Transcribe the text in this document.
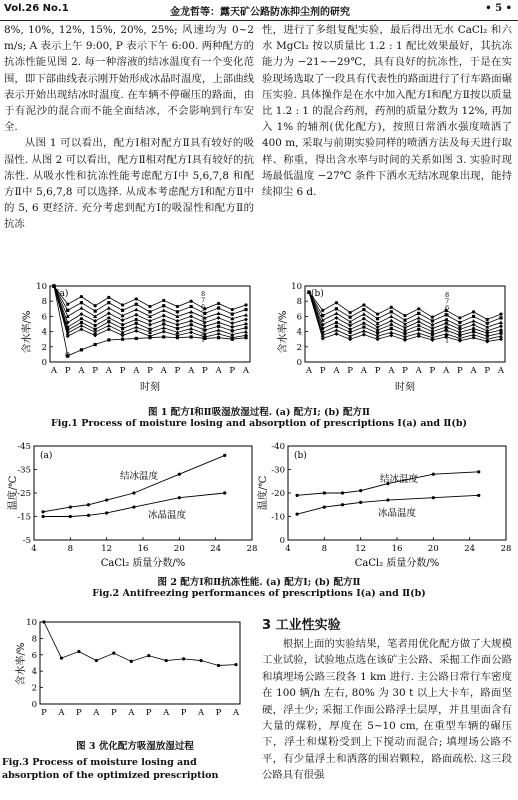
Vol.26 No.1	金龙哲等：露天矿公路防冻抑尘剂的研究	• 5 •

8%, 10%, 12%, 15%, 20%, 25%; 风速均为 0~2 m/s; A 表示上午 9:00, P 表示下午 6:00. 两种配方的抗冻性能见图 2. 每一种溶液的结冰温度有一个变化范围，即下部曲线表示刚开始形成冰晶时温度，上部曲线表示开始出现结冰时温度. 在车辆不停碾压的路面，由于有泥沙的混合而不能全面结冰，不会影响到行车安全.

从图 1 可以看出，配方Ⅰ相对配方Ⅱ具有较好的吸湿性. 从图 2 可以看出，配方Ⅱ相对配方Ⅰ具有较好的抗冻性. 从吸水性和抗冻性能考虑配方Ⅰ中 5,6,7,8 和配方Ⅱ中 5,6,7,8 可以选择. 从成本考虑配方Ⅰ和配方Ⅱ中的 5, 6 更经济. 充分考虑到配方Ⅰ的吸湿性和配方Ⅱ的抗冻

性，进行了多组复配实验，最后得出无水 CaCl₂ 和六水 MgCl₂ 按以质量比 1.2 : 1 配比效果最好，其抗冻能力为 −21~−29℃，具有良好的抗冻性，于是在实验现场选取了一段具有代表性的路面进行了行车路面碾压实验. 具体操作是在水中加入配方Ⅰ和配方Ⅱ按以质量比 1.2 : 1 的混合药剂，药剂的质量分数为 12%, 再加入 1% 的辅剂(优化配方)，按照日常洒水强度喷洒了 400 m, 采取与前期实验同样的喷洒方法及每天进行取样、称重，得出含水率与时间的关系如图 3. 实验时现场最低温度 −27℃ 条件下洒水无结冰现象出现，能持续抑尘 6 d.

含水率/%
(a)
0
2
4
6
8
10
A P A P A P A P A P A P A P A
0
含水率/%
(b)
0
2
4
6
8
10
A P A P A P A P A P A P A P A
8	8
7	7
6	6
5	5
4	4
3	3
2	2
1	1
时刻	时刻
图 1 配方Ⅰ和Ⅱ吸湿放湿过程. (a) 配方Ⅰ; (b) 配方Ⅱ
Fig.1 Process of moisture losing and absorption of prescriptions Ⅰ(a) and Ⅱ(b)
温度/℃
(a)
-5
-15
-25
-35
-45
4	8	12	16	20	24	28
结冰温度
冰晶温度
CaCl₂ 质量分数/%
温度/℃
(b)
0
-10
-20
-30
-40
4	8	12	16	20	24	28
结冰温度
冰晶温度
CaCl₂ 质量分数/%
图 2 配方Ⅰ和Ⅱ抗冻性能. (a) 配方Ⅰ; (b) 配方Ⅱ
Fig.2 Antifreezing performances of prescriptions Ⅰ(a) and Ⅱ(b)
含水率/%
0
2
4
6
8
10
P A P A P A P A P A P A
图 3 优化配方吸湿放湿过程
Fig.3 Process of moisture losing and absorption of the optimized prescription
3 工业性实验

根据上面的实验结果，笔者用优化配方做了大规模工业试验，试验地点选在该矿主公路、采掘工作面公路和填埋场公路三段各 1 km 进行. 主公路日常行车密度在 100 辆/h 左右, 80% 为 30 t 以上大卡车，路面坚硬，浮土少; 采掘工作面公路浮土层厚，并且里面含有大量的煤粉，厚度在 5~10 cm, 在重型车辆的碾压下，浮土和煤粉受到上下搅动而混合; 填埋场公路不平，有少量浮土和洒落的围岩颗粒，路面疏松. 这三段公路具有很强
